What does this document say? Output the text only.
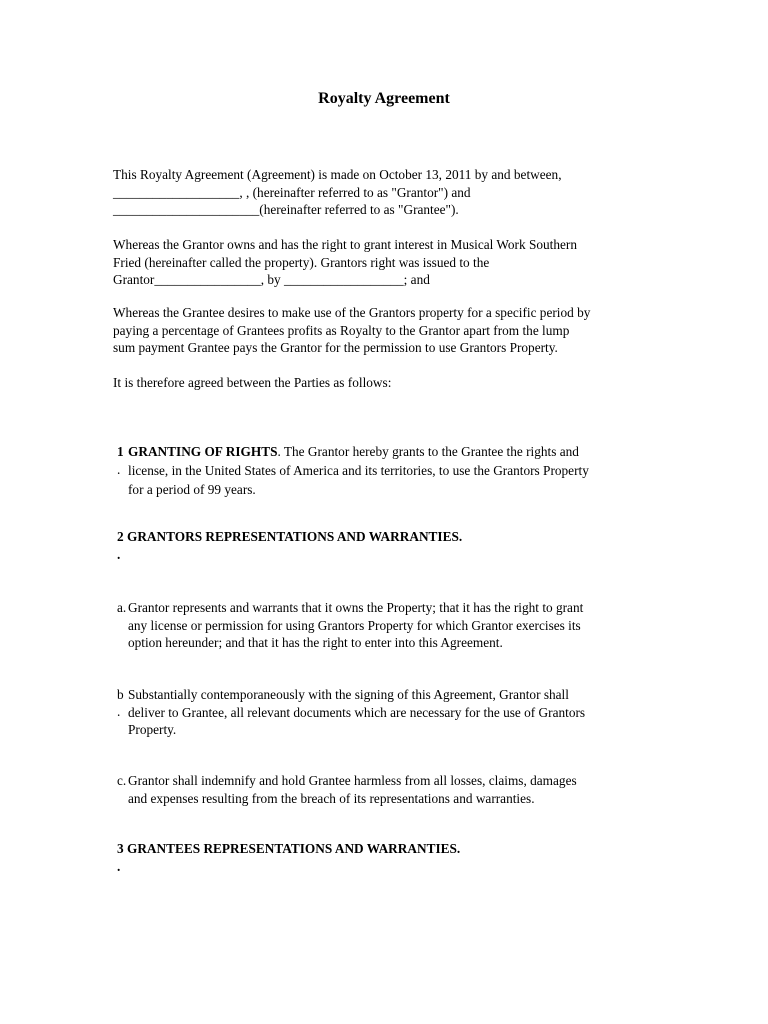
Royalty Agreement
This Royalty Agreement (Agreement) is made on October 13, 2011 by and between,
___________________, , (hereinafter referred to as "Grantor") and
______________________(hereinafter referred to as "Grantee").
Whereas the Grantor owns and has the right to grant interest in Musical Work Southern
Fried (hereinafter called the property). Grantors right was issued to the
Grantor________________, by __________________; and
Whereas the Grantee desires to make use of the Grantors property for a specific period by
paying a percentage of Grantees profits as Royalty to the Grantor apart from the lump
sum payment Grantee pays the Grantor for the permission to use Grantors Property.
It is therefore agreed between the Parties as follows:
1
.
GRANTING OF RIGHTS. The Grantor hereby grants to the Grantee the rights and
license, in the United States of America and its territories, to use the Grantors Property
for a period of 99 years.
2 GRANTORS REPRESENTATIONS AND WARRANTIES.
.
a. Grantor represents and warrants that it owns the Property; that it has the right to grant
any license or permission for using Grantors Property for which Grantor exercises its
option hereunder; and that it has the right to enter into this Agreement.
b
.
Substantially contemporaneously with the signing of this Agreement, Grantor shall
deliver to Grantee, all relevant documents which are necessary for the use of Grantors
Property.
c. Grantor shall indemnify and hold Grantee harmless from all losses, claims, damages
and expenses resulting from the breach of its representations and warranties.
3 GRANTEES REPRESENTATIONS AND WARRANTIES.
.
